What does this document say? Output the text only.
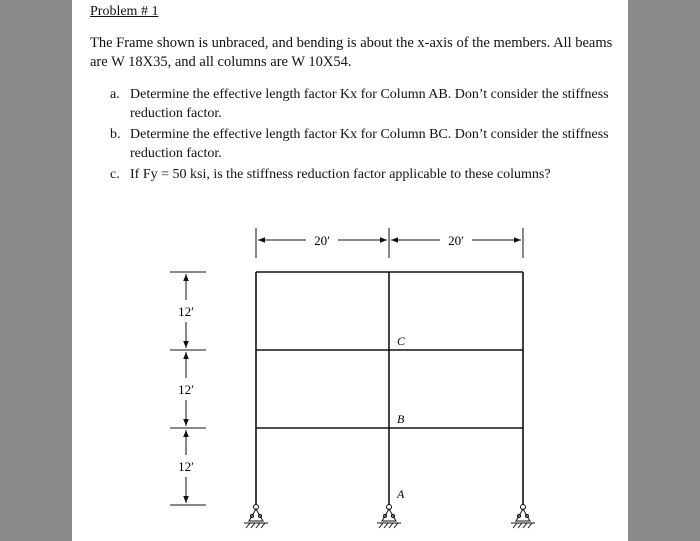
Problem # 1
The Frame shown is unbraced, and bending is about the x-axis of the members. All beams are W 18X35, and all columns are W 10X54.
a. Determine the effective length factor Kx for Column AB. Don’t consider the stiffness reduction factor.
b. Determine the effective length factor Kx for Column BC. Don’t consider the stiffness reduction factor.
c. If Fy = 50 ksi, is the stiffness reduction factor applicable to these columns?
20′	20′
12′
12′
12′
C
B
A
